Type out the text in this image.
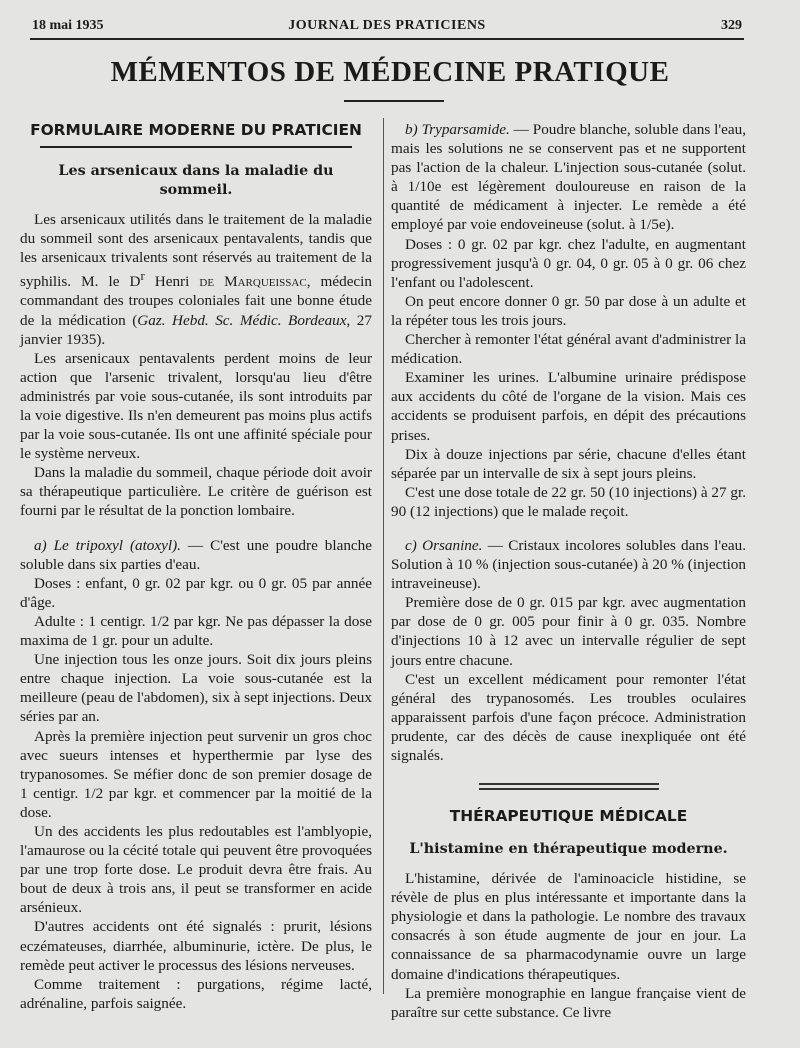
18 mai 1935	JOURNAL DES PRATICIENS	329
MÉMENTOS DE MÉDECINE PRATIQUE
FORMULAIRE MODERNE DU PRATICIEN
Les arsenicaux dans la maladie du sommeil.

Les arsenicaux utilités dans le traitement de la maladie du sommeil sont des arsenicaux pentavalents, tandis que les arsenicaux trivalents sont réservés au traitement de la syphilis. M. le $D^r$ Henri de Marqueissac, médecin commandant des troupes coloniales fait une bonne étude de la médication (Gaz. Hebd. Sc. Médic. Bordeaux, 27 janvier 1935).

Les arsenicaux pentavalents perdent moins de leur action que l'arsenic trivalent, lorsqu'au lieu d'être administrés par voie sous-cutanée, ils sont introduits par la voie digestive. Ils n'en demeurent pas moins plus actifs par la voie sous-cutanée. Ils ont une affinité spéciale pour le système nerveux.

Dans la maladie du sommeil, chaque période doit avoir sa thérapeutique particulière. Le critère de guérison est fourni par le résultat de la ponction lombaire.

a) Le tripoxyl (atoxyl). — C'est une poudre blanche soluble dans six parties d'eau.

Doses : enfant, 0 gr. 02 par kgr. ou 0 gr. 05 par année d'âge.

Adulte : 1 centigr. 1/2 par kgr. Ne pas dépasser la dose maxima de 1 gr. pour un adulte.

Une injection tous les onze jours. Soit dix jours pleins entre chaque injection. La voie sous-cutanée est la meilleure (peau de l'abdomen), six à sept injections. Deux séries par an.

Après la première injection peut survenir un gros choc avec sueurs intenses et hyperthermie par lyse des trypanosomes. Se méfier donc de son premier dosage de 1 centigr. 1/2 par kgr. et commencer par la moitié de la dose.

Un des accidents les plus redoutables est l'amblyopie, l'amaurose ou la cécité totale qui peuvent être provoquées par une trop forte dose. Le produit devra être frais. Au bout de deux à trois ans, il peut se transformer en acide arsénieux.

D'autres accidents ont été signalés : prurit, lésions eczémateuses, diarrhée, albuminurie, ictère. De plus, le remède peut activer le processus des lésions nerveuses.

Comme traitement : purgations, régime lacté, adrénaline, parfois saignée.

b) Tryparsamide. — Poudre blanche, soluble dans l'eau, mais les solutions ne se conservent pas et ne supportent pas l'action de la chaleur. L'injection sous-cutanée (solut. à 1/10e est légèrement douloureuse en raison de la quantité de médicament à injecter. Le remède a été employé par voie endoveineuse (solut. à 1/5e).

Doses : 0 gr. 02 par kgr. chez l'adulte, en augmentant progressivement jusqu'à 0 gr. 04, 0 gr. 05 à 0 gr. 06 chez l'enfant ou l'adolescent.

On peut encore donner 0 gr. 50 par dose à un adulte et la répéter tous les trois jours.

Chercher à remonter l'état général avant d'administrer la médication.

Examiner les urines. L'albumine urinaire prédispose aux accidents du côté de l'organe de la vision. Mais ces accidents se produisent parfois, en dépit des précautions prises.

Dix à douze injections par série, chacune d'elles étant séparée par un intervalle de six à sept jours pleins.

C'est une dose totale de 22 gr. 50 (10 injections) à 27 gr. 90 (12 injections) que le malade reçoit.

c) Orsanine. — Cristaux incolores solubles dans l'eau. Solution à 10 % (injection sous-cutanée) à 20 % (injection intraveineuse).

Première dose de 0 gr. 015 par kgr. avec augmentation par dose de 0 gr. 005 pour finir à 0 gr. 035. Nombre d'injections 10 à 12 avec un intervalle régulier de sept jours entre chacune.

C'est un excellent médicament pour remonter l'état général des trypanosomés. Les troubles oculaires apparaissent parfois d'une façon précoce. Administration prudente, car des décès de cause inexpliquée ont été signalés.

THÉRAPEUTIQUE MÉDICALE
L'histamine en thérapeutique moderne.

L'histamine, dérivée de l'aminoacicle histidine, se révèle de plus en plus intéressante et importante dans la physiologie et dans la pathologie. Le nombre des travaux consacrés à son étude augmente de jour en jour. La connaissance de sa pharmacodynamie ouvre un large domaine d'indications thérapeutiques.

La première monographie en langue française vient de paraître sur cette substance. Ce livre
